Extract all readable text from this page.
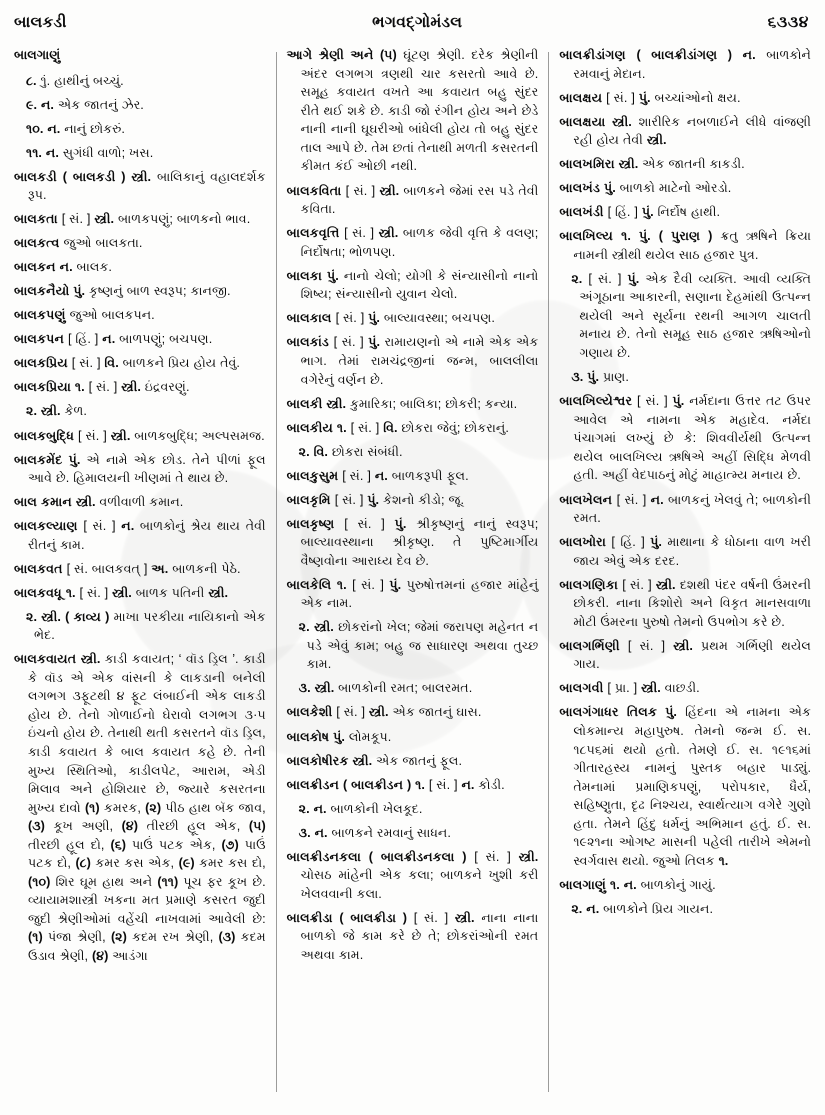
બાલકડી	ભગવદ્‌ગોમંડલ	૬૩૩૪
બાલગાણું

૮. ૧ું. હાથીનું બચ્ચું.

૯. ન. એક જાતનું ઝેર.

૧૦. ન. નાનું છોકરું.

૧૧. ન. સુગંધી વાળો; ખસ.

બાલકડી ( બાલકડી ) સ્ત્રી. બાલિકાનું વહાલદર્શક રૂપ.

બાલકતા [ સં. ] સ્ત્રી. બાળકપણું; બાળકનો ભાવ.

બાલકત્વ જુઓ બાલકતા.

બાલકન ન. બાલક.

બાલકનૈયો પું. કૃષ્ણનું બાળ સ્વરૂપ; કાનજી.

બાલકપણું જુઓ બાલકપન.

બાલકપન [ હિં. ] ન. બાળપણું; બચપણ.

બાલકપ્રિય [ સં. ] વિ. બાળકને પ્રિય હોય તેવું.

બાલકપ્રિયા ૧. [ સં. ] સ્ત્રી. ઇંદ્રવરણું.

૨. સ્ત્રી. કેળ.

બાલકબુદ્ધિ [ સં. ] સ્ત્રી. બાળકબુદ્ધિ; અલ્પસમજ.

બાલકમેંદ પું. એ નામે એક છોડ. તેને પીળાં ફૂલ આવે છે. હિમાલયની ખીણમાં તે થાય છે.

બાલ કમાન સ્ત્રી. વળીવાળી કમાન.

બાલકલ્યાણ [ સં. ] ન. બાળકોનું શ્રેય થાય તેવી રીતનું કામ.

બાલકવત [ સં. બાલકવત્ ] અ. બાળકની પેઠે.

બાલકવધૂ ૧. [ સં. ] સ્ત્રી. બાળક પતિની સ્ત્રી.

૨. સ્ત્રી. ( કાવ્ય ) માખા પરકીયા નાયિકાનો એક ભેદ.

બાલકવાયત સ્ત્રી. કાડી કવાયત; ‘ વૉડ ડ્રિલ ’. કાડી કે વૉડ એ એક વાંસની કે લાકડાની બનેલી લગભગ ૩ફૂટથી ૪ ફૂટ લંબાઈની એક લાકડી હોય છે. તેનો ગોળાઈનો ઘેરાવો લગભગ ૩·૫ ઇંચનો હોય છે. તેનાથી થતી કસરતને વૉડ ડ્રિલ, કાડી કવાયત કે બાલ કવાયત કહે છે. તેની મુખ્ય સ્થિતિઓ, કાડીલપેટ, આરામ, એડી મિલાવ અને હોશિયાર છે, જ્યારે કસરતના મુખ્ય દાવો (૧) કમરક, (૨) પીઠ હાથ બૅક જાવ, (૩) કૂખ અણી, (૪) તીરછી હૂલ એક, (૫) તીરછી હૂલ દો, (૬) પાઉં પટક એક, (૭) પાઉં પટક દો, (૮) કમર કસ એક, (૯) કમર કસ દો, (૧૦) શિર ઘૂમ હાથ અને (૧૧) પૂચ ફર કૂખ છે. વ્યાયામશાસ્ત્રી ખકના મત પ્રમાણે કસરત જુદી જુદી શ્રેણીઓમાં વહેંચી નાખવામાં આવેલી છે: (૧) પંજા શ્રેણી, (૨) કદમ રખ શ્રેણી, (૩) કદમ ઉડાવ શ્રેણી, (૪) આડંગા

આગે શ્રેણી અને (૫) ઘૂંટણ શ્રેણી. દરેક શ્રેણીની અંદર લગભગ ત્રણથી ચાર કસરતો આવે છે. સમૂહ કવાયત વખતે આ કવાયત બહુ સુંદર રીતે થઈ શકે છે. કાડી જો રંગીન હોય અને છેડે નાની નાની ઘૂઘરીઓ બાંધેલી હોય તો બહુ સુંદર તાલ આપે છે. તેમ છતાં તેનાથી મળતી કસરતની કીમત કંઈ ઓછી નથી.

બાલકવિતા [ સં. ] સ્ત્રી. બાળકને જેમાં રસ પડે તેવી કવિતા.

બાલકવૃત્તિ [ સં. ] સ્ત્રી. બાળક જેવી વૃત્તિ કે વલણ; નિર્દોષતા; ભોળપણ.

બાલકા પું. નાનો ચેલો; યોગી કે સંન્યાસીનો નાનો શિષ્ય; સંન્યાસીનો યુવાન ચેલો.

બાલકાલ [ સં. ] પું. બાલ્યાવસ્થા; બચપણ.

બાલકાંડ [ સં. ] પું. રામાયણનો એ નામે એક એક ભાગ. તેમાં રામચંદ્રજીનાં જન્મ, બાલલીલા વગેરેનું વર્ણન છે.

બાલકી સ્ત્રી. કુમારિકા; બાલિકા; છોકરી; કન્યા.

બાલકીય ૧. [ સં. ] વિ. છોકરા જેવું; છોકરાનું.

૨. વિ. છોકરા સંબંધી.

બાલકુસુમ [ સં. ] ન. બાળકરૂપી ફૂલ.

બાલકૃમિ [ સં. ] પું. કેશનો કીડો; જૂ.

બાલકૃષ્ણ [ સં. ] પું. શ્રીકૃષ્ણનું નાનું સ્વરૂપ; બાલ્યાવસ્થાના શ્રીકૃષ્ણ. તે પુષ્ટિમાર્ગીય વૈષ્ણવોના આરાધ્ય દેવ છે.

બાલકેલિ ૧. [ સં. ] પું. પુરુષોત્તમનાં હજાર માંહેનું એક નામ.

૨. સ્ત્રી. છોકરાંનો ખેલ; જેમાં જરાપણ મહેનત ન પડે એવું કામ; બહુ જ સાધારણ અથવા તુચ્છ કામ.

૩. સ્ત્રી. બાળકોની રમત; બાલરમત.

બાલકેશી [ સં. ] સ્ત્રી. એક જાતનું ઘાસ.

બાલકોષ પું. લોમકૂપ.

બાલકોષીરક સ્ત્રી. એક જાતનું ફૂલ.

બાલક્રીડન ( બાલક્રીડન ) ૧. [ સં. ] ન. કોડી.

૨. ન. બાળકોની ખેલકૂદ.

૩. ન. બાળકને રમવાનું સાધન.

બાલક્રીડનકલા ( બાલક્રીડનકલા ) [ સં. ] સ્ત્રી. ચોસઠ માંહેની એક કલા; બાળકને ખુશી કરી ખેલવવાની કલા.

બાલક્રીડા ( બાલક્રીડા ) [ સં. ] સ્ત્રી. નાના નાના બાળકો જે કામ કરે છે તે; છોકરાંઓની રમત અથવા કામ.

બાલક્રીડાંગણ ( બાલક્રીડાંગણ ) ન. બાળકોને રમવાનું મેદાન.

બાલક્ષય [ સં. ] પું. બચ્ચાંઓનો ક્ષય.

બાલક્ષયા સ્ત્રી. શારીરિક નબળાઈને લીધે વાંજણી રહી હોય તેવી સ્ત્રી.

બાલખમિરા સ્ત્રી. એક જાતની કાકડી.

બાલખંડ પું. બાળકો માટેનો ઓરડો.

બાલખંડી [ હિં. ] પું. નિર્દોષ હાથી.

બાલખિલ્ય ૧. પું. ( પુરાણ ) ક્રતુ ઋષિને ક્રિયા નામની સ્ત્રીથી થયેલ સાઠ હજાર પુત્ર.

૨. [ સં. ] પું. એક દૈવી વ્યક્તિ. આવી વ્યક્તિ અંગૂઠાના આકારની, સણાના દેહમાંથી ઉત્પન્ન થયેલી અને સૂર્યના રથની આગળ ચાલતી મનાય છે. તેનો સમૂહ સાઠ હજાર ઋષિઓનો ગણાય છે.

૩. પું. પ્રાણ.

બાલખિલ્યેશ્વર [ સં. ] પું. નર્મદાના ઉત્તર તટ ઉપર આવેલ એ નામના એક મહાદેવ. નર્મદા પંચાગમાં લખ્યું છે કે: શિવવીર્યથી ઉત્પન્ન થયેલ બાલખિલ્ય ઋષિએ અહીં સિદ્ધિ મેળવી હતી. અહીં વેદપાઠનું મોટું માહાત્મ્ય મનાય છે.

બાલખેલન [ સં. ] ન. બાળકનું ખેલવું તે; બાળકોની રમત.

બાલખોરા [ હિં. ] પું. માથાના કે ધોઠાના વાળ ખરી જાય એવું એક દરદ.

બાલગણિકા [ સં. ] સ્ત્રી. દશથી પંદર વર્ષની ઉંમરની છોકરી. નાના કિશોરો અને વિકૃત માનસવાળા મોટી ઉંમરના પુરુષો તેમનો ઉપભોગ કરે છે.

બાલગર્ભિણી [ સં. ] સ્ત્રી. પ્રથમ ગર્ભિણી થયેલ ગાય.

બાલગવી [ પ્રા. ] સ્ત્રી. વાછડી.

બાલગંગાધર તિલક પું. હિંદના એ નામના એક લોકમાન્ય મહાપુરુષ. તેમનો જન્મ ઈ. સ. ૧૮૫૬માં થયો હતો. તેમણે ઈ. સ. ૧૯૧૬માં ગીતારહસ્ય નામનું પુસ્તક બહાર પાડ્યું. તેમનામાં પ્રમાણિકપણું, પરોપકાર, ધૈર્ય, સહિષ્ણુતા, દૃઢ નિશ્ચય, સ્વાર્થત્યાગ વગેરે ગુણો હતા. તેમને હિંદુ ધર્મનું અભિમાન હતું. ઈ. સ. ૧૯૨૧ના ઓગષ્ટ માસની પહેલી તારીખે એમનો સ્વર્ગવાસ થયો. જુઓ તિલક ૧.

બાલગાણું ૧. ન. બાળકોનું ગાયું.

૨. ન. બાળકોને પ્રિય ગાયન.
